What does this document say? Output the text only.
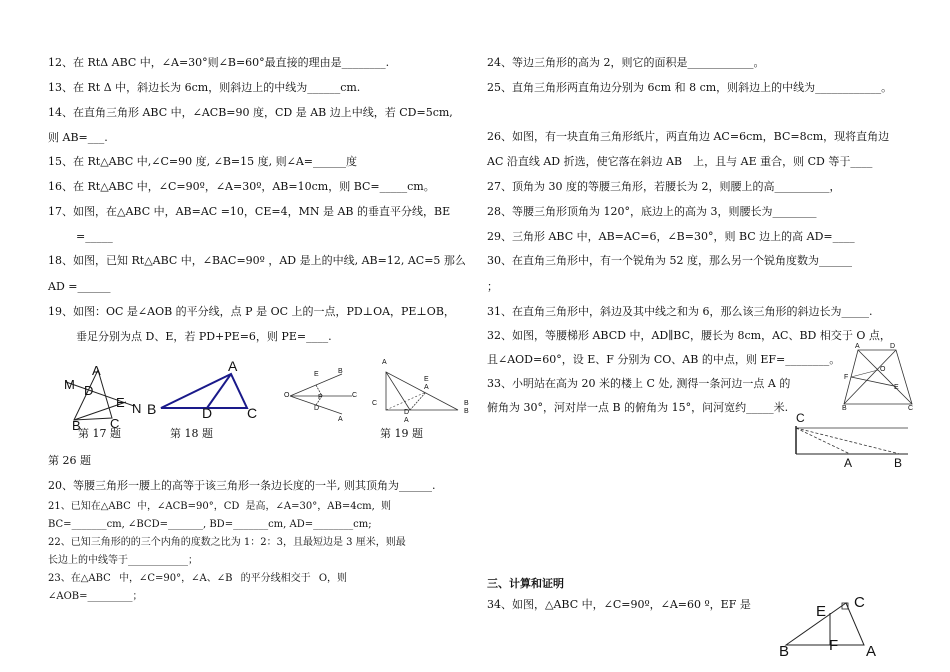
12、在 RtΔ ABC 中，∠A=30°则∠B=60°最直接的理由是________.
13、在 Rt Δ 中，斜边长为 6cm，则斜边上的中线为______cm.
14、在直角三角形 ABC 中，∠ACB=90 度，CD 是 AB 边上中线，若 CD=5cm,
则 AB=___.
15、在 Rt△ABC 中,∠C=90 度, ∠B=15 度, 则∠A=______度
16、在 Rt△ABC 中，∠C=90º，∠A=30º，AB=10cm，则 BC=_____cm。
17、如图，在△ABC 中，AB=AC =10，CE=4，MN 是 AB 的垂直平分线，BE
=_____
18、如图，已知 Rt△ABC 中，∠BAC=90º ，AD 是上的中线, AB=12, AC=5 那么
AD =______
19、如图：OC 是∠AOB 的平分线，点 P 是 OC 上的一点，PD⊥OA，PE⊥OB，
垂足分别为点 D、E，若 PD+PE=6，则 PE=____.
A
M D
E N
B C
第 17 题
A
B	D C
第 18 题
E	B
O	C
P
D
A
A
E
C
A
D
B
A
B
第 19 题
第 26 题
20、等腰三角形一腰上的高等于该三角形一条边长度的一半, 则其顶角为______.
21、已知在△ABC 中，∠ACB=90°，CD 是高，∠A=30°，AB=4cm, 则
BC=_______cm, ∠BCD=_______, BD=_______cm, AD=________cm;
22、已知三角形的的三个内角的度数之比为 1：2：3，且最短边是 3 厘米，则最
长边上的中线等于____________；
23、在△ABC 中，∠C=90°，∠A、∠B 的平分线相交于 O，则
∠AOB=_________；
24、等边三角形的高为 2，则它的面积是____________。
25、直角三角形两直角边分别为 6cm 和 8 cm，则斜边上的中线为____________。
26、如图，有一块直角三角形纸片，两直角边 AC=6cm，BC=8cm，现将直角边
AC 沿直线 AD 折选，使它落在斜边 AB　上，且与 AE 重合，则 CD 等于____
27、顶角为 30 度的等腰三角形，若腰长为 2，则腰上的高__________，
28、等腰三角形顶角为 120°，底边上的高为 3，则腰长为________
29、三角形 ABC 中，AB=AC=6，∠B=30°，则 BC 边上的高 AD=____
30、在直角三角形中，有一个锐角为 52 度，那么另一个锐角度数为______
；
31、在直角三角形中，斜边及其中线之和为 6，那么该三角形的斜边长为_____.
32、如图，等腰梯形 ABCD 中，AD∥BC，腰长为 8cm，AC、BD 相交于 O 点，
且∠AOD=60°，设 E、F 分别为 CO、AB 的中点，则 EF=________。
33、小明站在高为 20 米的楼上 C 处, 测得一条河边一点 A 的
俯角为 30°，河对岸一点 B 的俯角为 15°，问河宽约_____米.
A	D
F
O
E
B	C
C
A	B
三、计算和证明
34、如图，△ABC 中，∠C=90º，∠A=60 º，EF 是	E
C
B	F A
